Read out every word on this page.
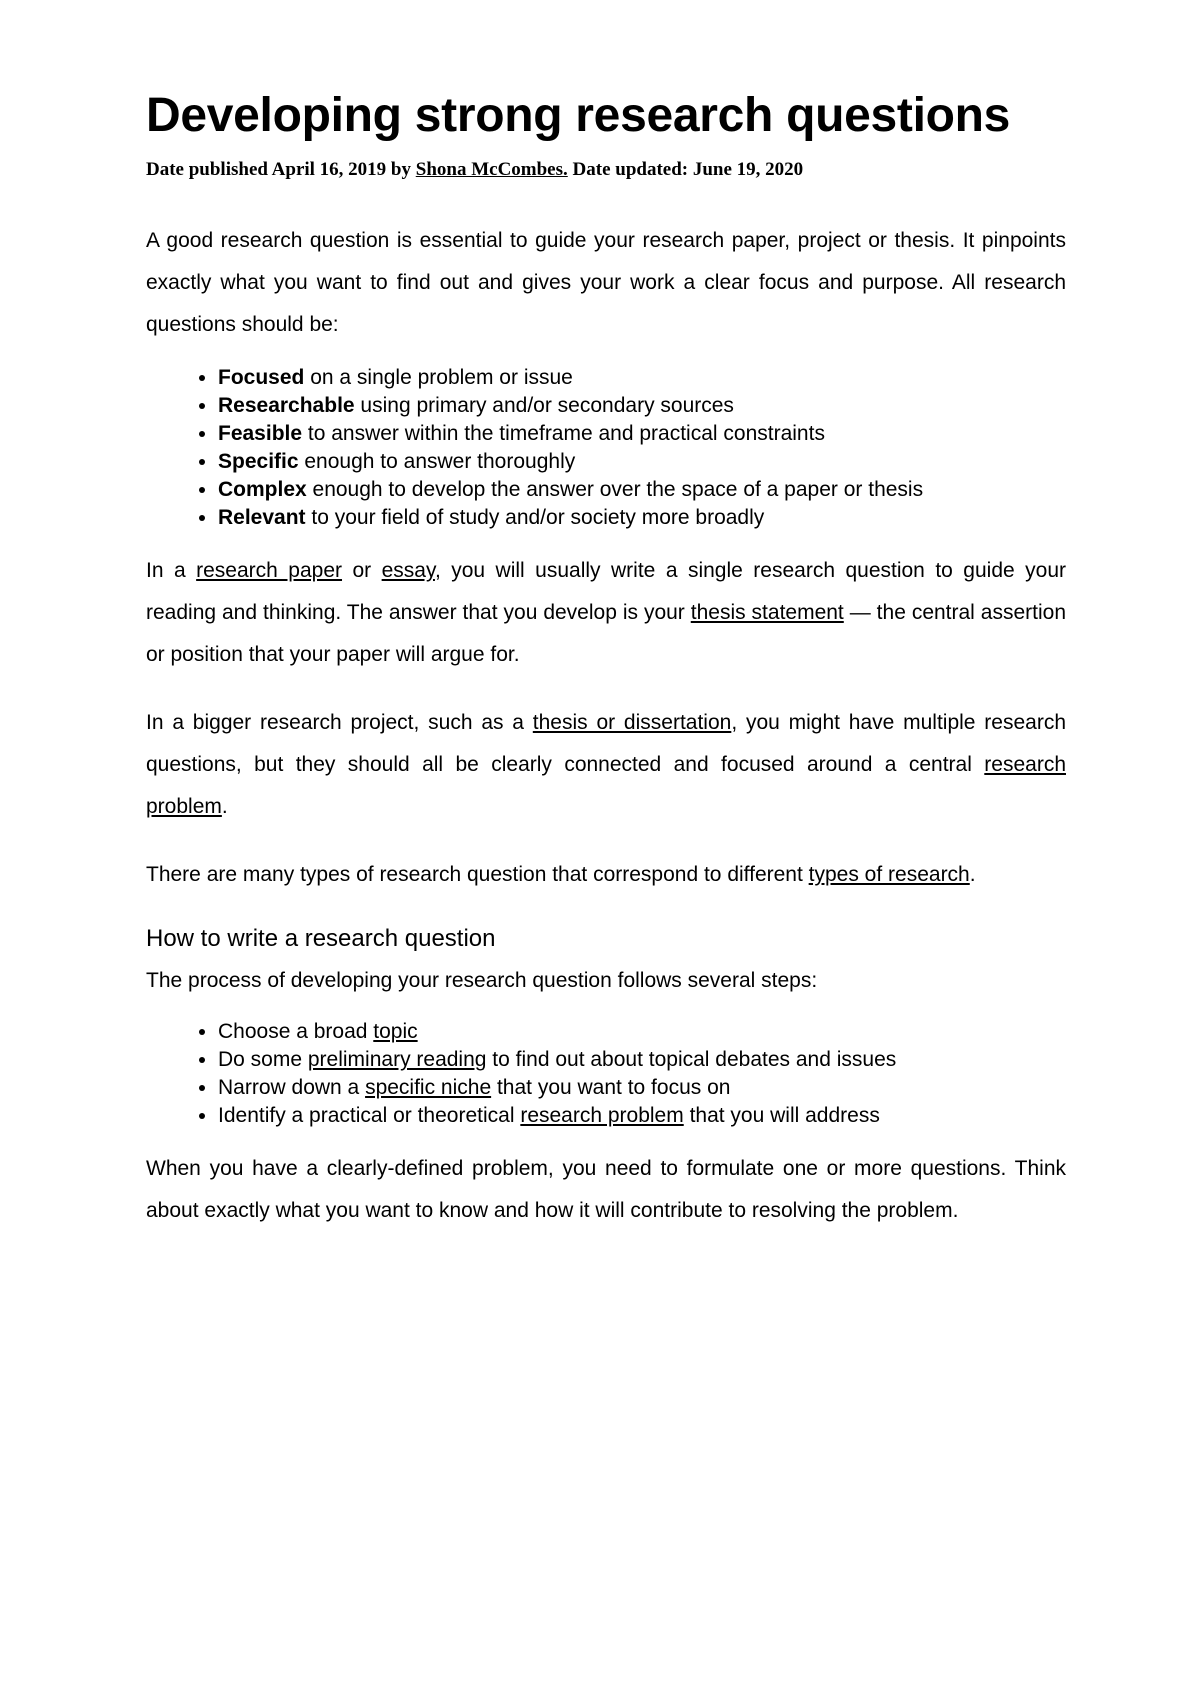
Developing strong research questions
Date published April 16, 2019 by Shona McCombes. Date updated: June 19, 2020

A good research question is essential to guide your research paper, project or thesis. It pinpoints exactly what you want to find out and gives your work a clear focus and purpose. All research questions should be:

• Focused on a single problem or issue
• Researchable using primary and/or secondary sources
• Feasible to answer within the timeframe and practical constraints
• Specific enough to answer thoroughly
• Complex enough to develop the answer over the space of a paper or thesis
• Relevant to your field of study and/or society more broadly

In a research paper or essay, you will usually write a single research question to guide your reading and thinking. The answer that you develop is your thesis statement — the central assertion or position that your paper will argue for.

In a bigger research project, such as a thesis or dissertation, you might have multiple research questions, but they should all be clearly connected and focused around a central research problem.

There are many types of research question that correspond to different types of research.

How to write a research question

The process of developing your research question follows several steps:

• Choose a broad topic
• Do some preliminary reading to find out about topical debates and issues
• Narrow down a specific niche that you want to focus on
• Identify a practical or theoretical research problem that you will address

When you have a clearly-defined problem, you need to formulate one or more questions. Think about exactly what you want to know and how it will contribute to resolving the problem.
